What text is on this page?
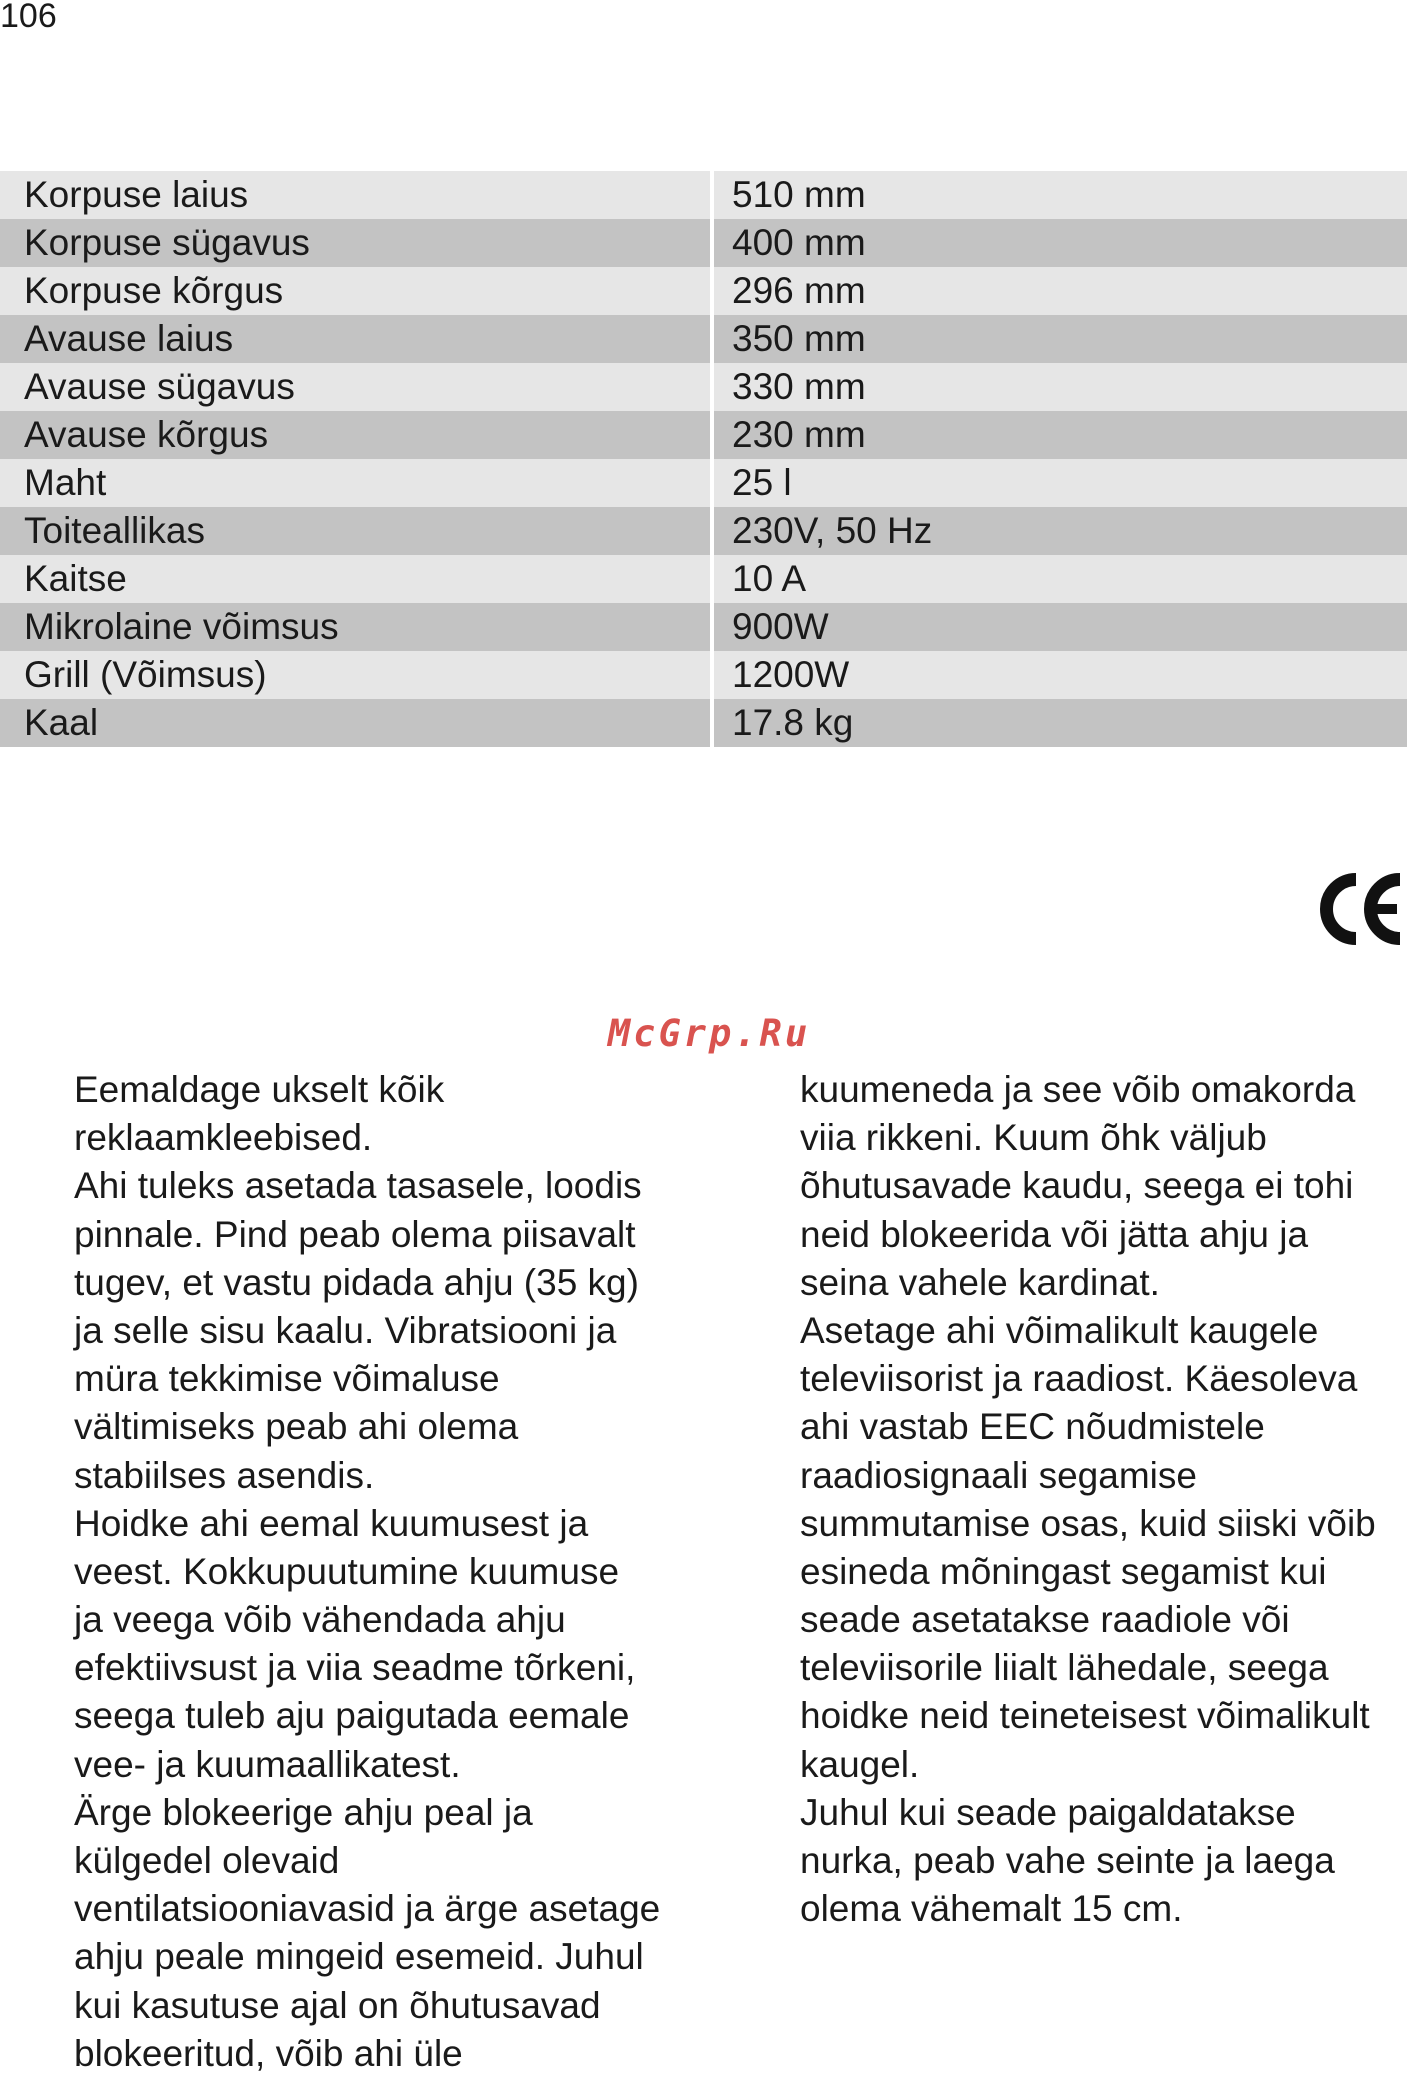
106
Korpuse laius	510 mm
Korpuse sügavus	400 mm
Korpuse kõrgus	296 mm
Avause laius	350 mm
Avause sügavus	330 mm
Avause kõrgus	230 mm
Maht	25 l
Toiteallikas	230V, 50 Hz
Kaitse	10 A
Mikrolaine võimsus	900W
Grill (Võimsus)	1200W
Kaal	17.8 kg
McGrp.Ru
Eemaldage ukselt kõik
reklaamkleebised.
Ahi tuleks asetada tasasele, loodis
pinnale. Pind peab olema piisavalt
tugev, et vastu pidada ahju (35 kg)
ja selle sisu kaalu. Vibratsiooni ja
müra tekkimise võimaluse
vältimiseks peab ahi olema
stabiilses asendis.
Hoidke ahi eemal kuumusest ja
veest. Kokkupuutumine kuumuse
ja veega võib vähendada ahju
efektiivsust ja viia seadme tõrkeni,
seega tuleb aju paigutada eemale
vee- ja kuumaallikatest.
Ärge blokeerige ahju peal ja
külgedel olevaid
ventilatsiooniavasid ja ärge asetage
ahju peale mingeid esemeid. Juhul
kui kasutuse ajal on õhutusavad
blokeeritud, võib ahi üle
kuumeneda ja see võib omakorda
viia rikkeni. Kuum õhk väljub
õhutusavade kaudu, seega ei tohi
neid blokeerida või jätta ahju ja
seina vahele kardinat.
Asetage ahi võimalikult kaugele
televiisorist ja raadiost. Käesoleva
ahi vastab EEC nõudmistele
raadiosignaali segamise
summutamise osas, kuid siiski võib
esineda mõningast segamist kui
seade asetatakse raadiole või
televiisorile liialt lähedale, seega
hoidke neid teineteisest võimalikult
kaugel.
Juhul kui seade paigaldatakse
nurka, peab vahe seinte ja laega
olema vähemalt 15 cm.
